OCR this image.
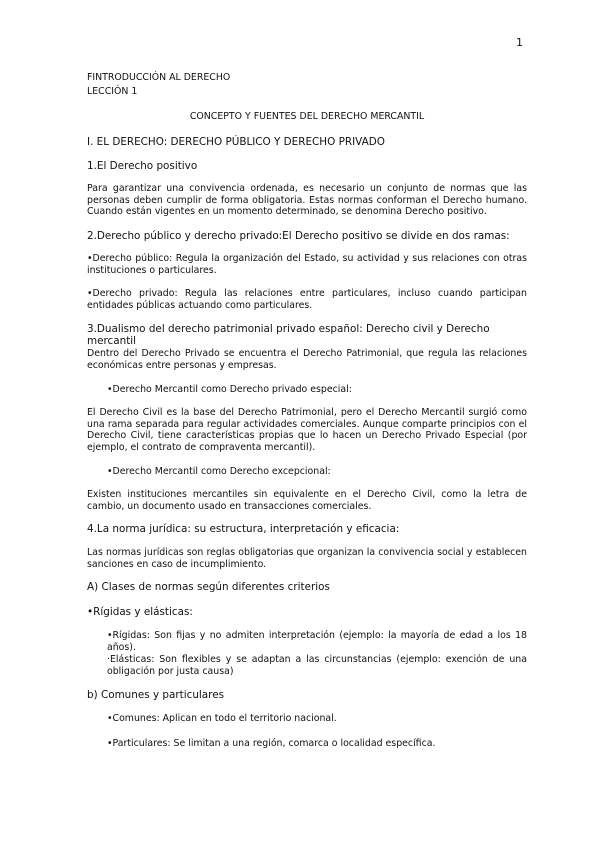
1
FINTRODUCCIÓN AL DERECHO
LECCIÓN 1
CONCEPTO Y FUENTES DEL DERECHO MERCANTIL
I. EL DERECHO: DERECHO PÚBLICO Y DERECHO PRIVADO
1.El Derecho positivo
Para garantizar una convivencia ordenada, es necesario un conjunto de normas que las personas deben cumplir de forma obligatoria. Estas normas conforman el Derecho humano. Cuando están vigentes en un momento determinado, se denomina Derecho positivo.
2.Derecho público y derecho privado:El Derecho positivo se divide en dos ramas:
•Derecho público: Regula la organización del Estado, su actividad y sus relaciones con otras instituciones o particulares.
•Derecho privado: Regula las relaciones entre particulares, incluso cuando participan entidades públicas actuando como particulares.
3.Dualismo del derecho patrimonial privado español: Derecho civil y Derecho mercantil
Dentro del Derecho Privado se encuentra el Derecho Patrimonial, que regula las relaciones económicas entre personas y empresas.
•Derecho Mercantil como Derecho privado especial:
El Derecho Civil es la base del Derecho Patrimonial, pero el Derecho Mercantil surgió como una rama separada para regular actividades comerciales. Aunque comparte principios con el Derecho Civil, tiene características propias que lo hacen un Derecho Privado Especial (por ejemplo, el contrato de compraventa mercantil).
•Derecho Mercantil como Derecho excepcional:
Existen instituciones mercantiles sin equivalente en el Derecho Civil, como la letra de cambio, un documento usado en transacciones comerciales.
4.La norma jurídica: su estructura, interpretación y eficacia:
Las normas jurídicas son reglas obligatorias que organizan la convivencia social y establecen sanciones en caso de incumplimiento.
A) Clases de normas según diferentes criterios
•Rígidas y elásticas:
•Rígidas: Son fijas y no admiten interpretación (ejemplo: la mayoría de edad a los 18 años).
·Elásticas: Son flexibles y se adaptan a las circunstancias (ejemplo: exención de una obligación por justa causa)
b) Comunes y particulares
•Comunes: Aplican en todo el territorio nacional.
•Particulares: Se limitan a una región, comarca o localidad específica.
